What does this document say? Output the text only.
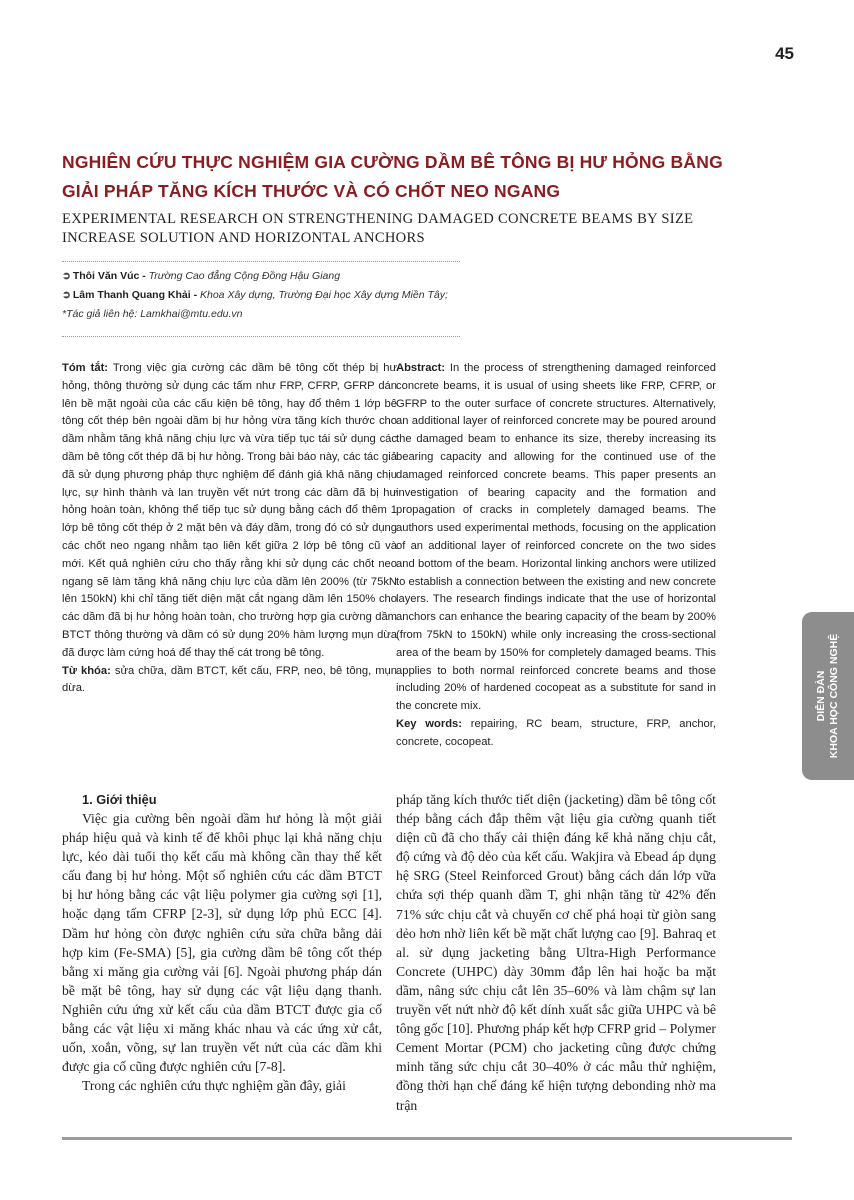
45
NGHIÊN CỨU THỰC NGHIỆM GIA CƯỜNG DẦM BÊ TÔNG BỊ HƯ HỎNG BẰNG
GIẢI PHÁP TĂNG KÍCH THƯỚC VÀ CÓ CHỐT NEO NGANG
EXPERIMENTAL RESEARCH ON STRENGTHENING DAMAGED CONCRETE BEAMS BY SIZE
INCREASE SOLUTION AND HORIZONTAL ANCHORS
➲ Thôi Văn Vúc - Trường Cao đẳng Cộng Đồng Hậu Giang
➲ Lâm Thanh Quang Khải - Khoa Xây dựng, Trường Đại học Xây dựng Miền Tây;
*Tác giả liên hệ: Lamkhai@mtu.edu.vn

Tóm tắt: Trong việc gia cường các dầm bê tông cốt thép bị hư hỏng, thông thường sử dụng các tấm như FRP, CFRP, GFRP dán lên bề mặt ngoài của các cấu kiện bê tông, hay đổ thêm 1 lớp bê tông cốt thép bên ngoài dầm bị hư hỏng vừa tăng kích thước cho dầm nhằm tăng khả năng chịu lực và vừa tiếp tục tái sử dụng các dầm bê tông cốt thép đã bị hư hỏng. Trong bài báo này, các tác giả đã sử dụng phương pháp thực nghiệm để đánh giá khả năng chịu lực, sự hình thành và lan truyền vết nứt trong các dầm đã bị hư hỏng hoàn toàn, không thể tiếp tục sử dụng bằng cách đổ thêm 1 lớp bê tông cốt thép ở 2 mặt bên và đáy dầm, trong đó có sử dụng các chốt neo ngang nhằm tạo liên kết giữa 2 lớp bê tông cũ và mới. Kết quả nghiên cứu cho thấy rằng khi sử dụng các chốt neo ngang sẽ làm tăng khả năng chịu lực của dầm lên 200% (từ 75kN lên 150kN) khi chỉ tăng tiết diện mặt cắt ngang dầm lên 150% cho các dầm đã bị hư hỏng hoàn toàn, cho trường hợp gia cường dầm BTCT thông thường và dầm có sử dụng 20% hàm lượng mụn dừa đã được làm cứng hoá để thay thế cát trong bê tông.

Từ khóa: sửa chữa, dầm BTCT, kết cấu, FRP, neo, bê tông, mụn dừa.

Abstract: In the process of strengthening damaged reinforced concrete beams, it is usual of using sheets like FRP, CFRP, or GFRP to the outer surface of concrete structures. Alternatively, an additional layer of reinforced concrete may be poured around the damaged beam to enhance its size, thereby increasing its bearing capacity and allowing for the continued use of the damaged reinforced concrete beams. This paper presents an investigation of bearing capacity and the formation and propagation of cracks in completely damaged beams. The authors used experimental methods, focusing on the application of an additional layer of reinforced concrete on the two sides and bottom of the beam. Horizontal linking anchors were utilized to establish a connection between the existing and new concrete layers. The research findings indicate that the use of horizontal anchors can enhance the bearing capacity of the beam by 200% (from 75kN to 150kN) while only increasing the cross-sectional area of the beam by 150% for completely damaged beams. This applies to both normal reinforced concrete beams and those including 20% of hardened cocopeat as a substitute for sand in the concrete mix.

Key words: repairing, RC beam, structure, FRP, anchor, concrete, cocopeat.

1. Giới thiệu

Việc gia cường bên ngoài dầm hư hỏng là một giải pháp hiệu quả và kinh tế để khôi phục lại khả năng chịu lực, kéo dài tuổi thọ kết cấu mà không cần thay thế kết cấu đang bị hư hỏng. Một số nghiên cứu các dầm BTCT bị hư hỏng bằng các vật liệu polymer gia cường sợi [1], hoặc dạng tấm CFRP [2-3], sử dụng lớp phủ ECC [4]. Dầm hư hỏng còn được nghiên cứu sửa chữa bằng dải hợp kim (Fe-SMA) [5], gia cường dầm bê tông cốt thép bằng xi măng gia cường vải [6]. Ngoài phương pháp dán bề mặt bê tông, hay sử dụng các vật liệu dạng thanh. Nghiên cứu ứng xử kết cấu của dầm BTCT được gia cố bằng các vật liệu xi măng khác nhau và các ứng xử cắt, uốn, xoắn, võng, sự lan truyền vết nứt của các dầm khi được gia cố cũng được nghiên cứu [7-8].

Trong các nghiên cứu thực nghiệm gần đây, giải

pháp tăng kích thước tiết diện (jacketing) dầm bê tông cốt thép bằng cách đắp thêm vật liệu gia cường quanh tiết diện cũ đã cho thấy cải thiện đáng kể khả năng chịu cắt, độ cứng và độ dẻo của kết cấu. Wakjira và Ebead áp dụng hệ SRG (Steel Reinforced Grout) bằng cách dán lớp vữa chứa sợi thép quanh dầm T, ghi nhận tăng từ 42% đến 71% sức chịu cắt và chuyển cơ chế phá hoại từ giòn sang dẻo hơn nhờ liên kết bề mặt chất lượng cao [9]. Bahraq et al. sử dụng jacketing bằng Ultra-High Performance Concrete (UHPC) dày 30mm đắp lên hai hoặc ba mặt dầm, nâng sức chịu cắt lên 35–60% và làm chậm sự lan truyền vết nứt nhờ độ kết dính xuất sắc giữa UHPC và bê tông gốc [10]. Phương pháp kết hợp CFRP grid – Polymer Cement Mortar (PCM) cho jacketing cũng được chứng minh tăng sức chịu cắt 30–40% ở các mẫu thử nghiệm, đồng thời hạn chế đáng kể hiện tượng debonding nhờ ma trận

DIỄN ĐÀN KHOA HỌC CÔNG NGHỆ
